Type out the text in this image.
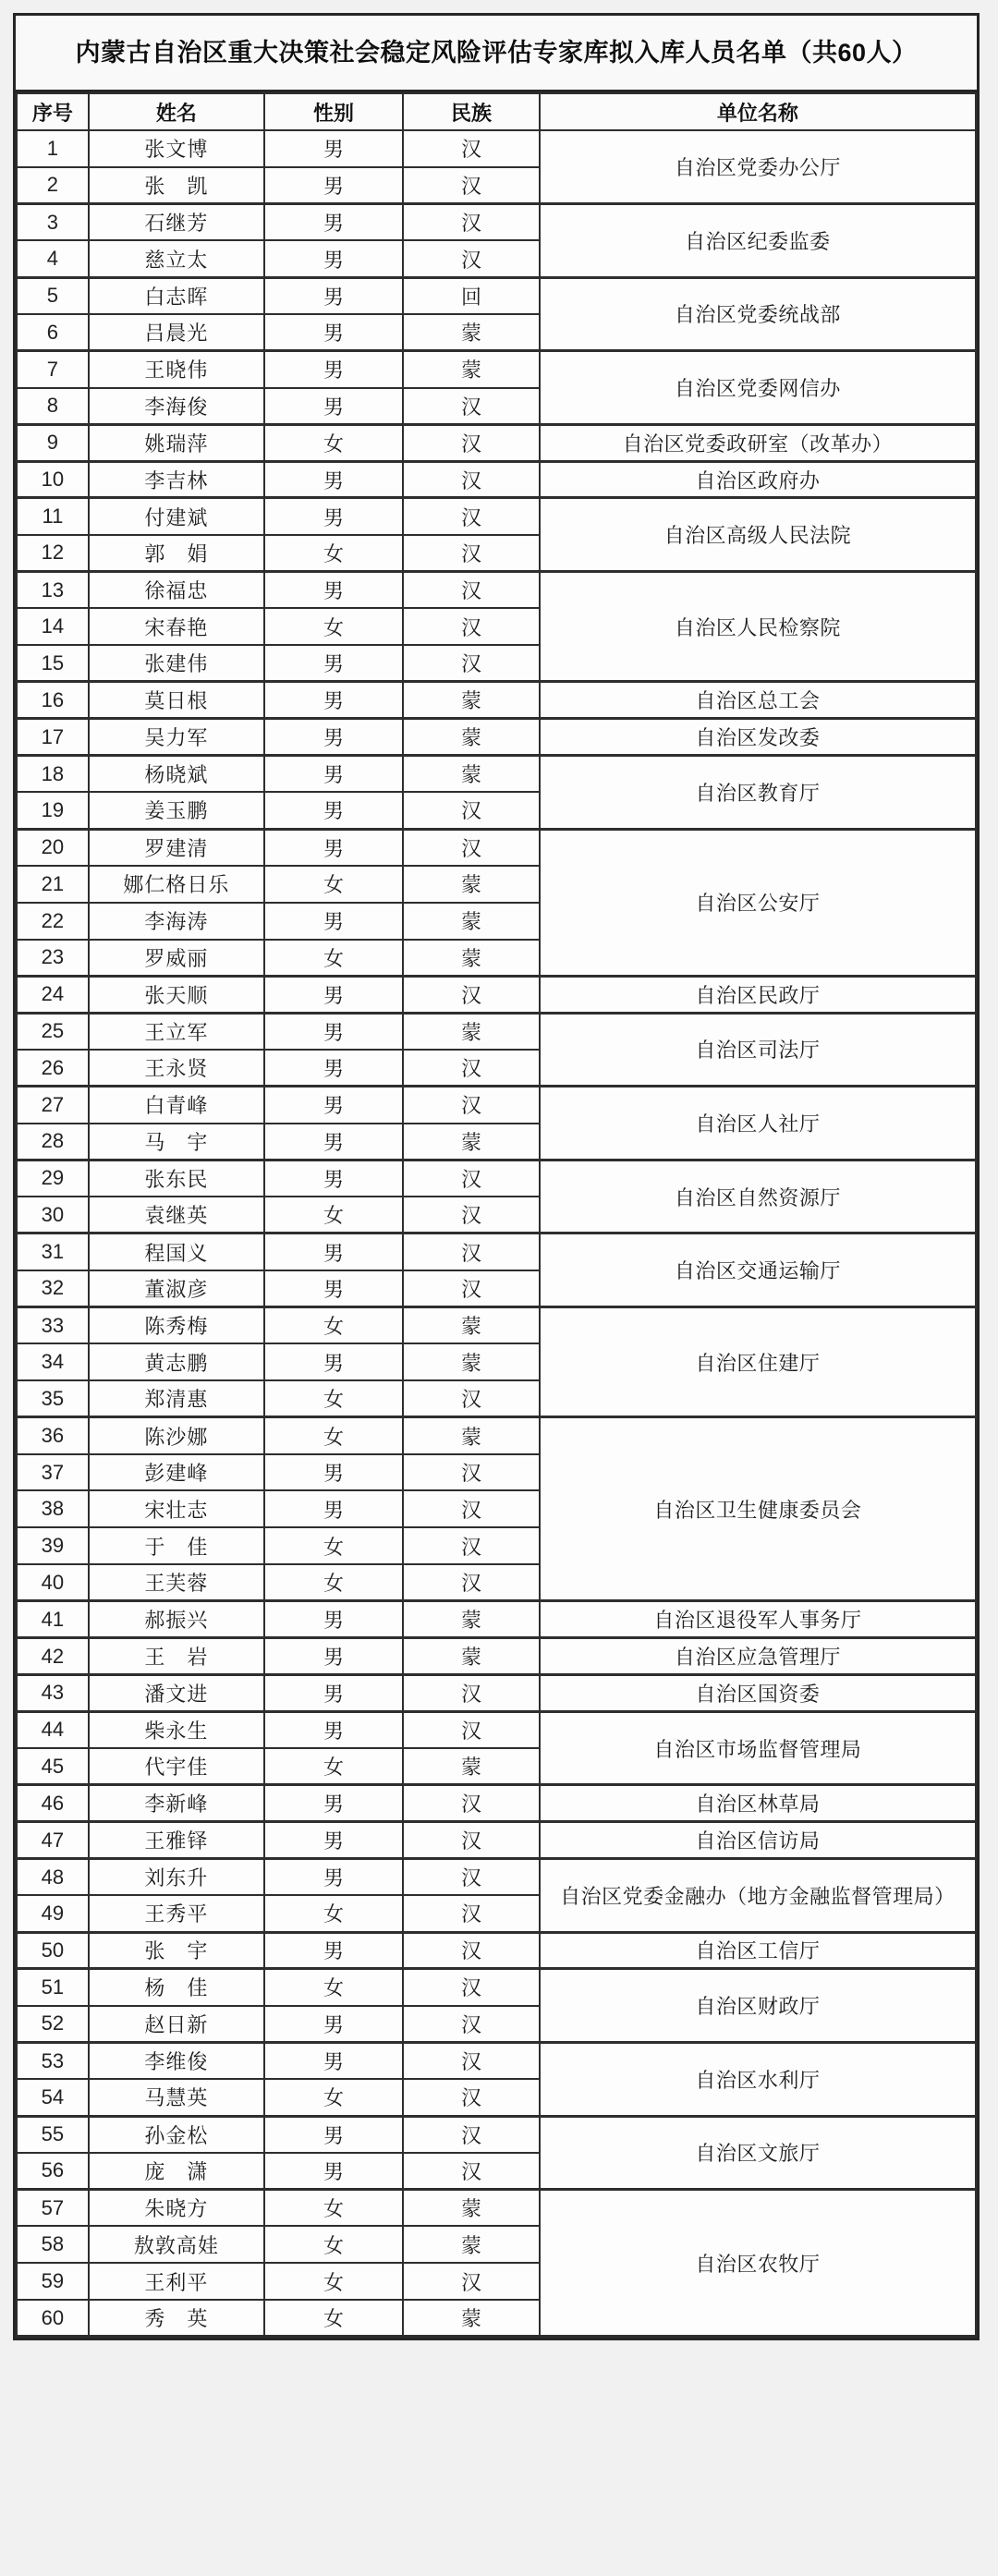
内蒙古自治区重大决策社会稳定风险评估专家库拟入库人员名单（共60人）
序号	姓名	性别	民族	单位名称
1	张文博	男	汉	自治区党委办公厅
2	张　凯	男	汉	
3	石继芳	男	汉	自治区纪委监委
4	慈立太	男	汉	
5	白志晖	男	回	自治区党委统战部
6	吕晨光	男	蒙	
7	王晓伟	男	蒙	自治区党委网信办
8	李海俊	男	汉	
9	姚瑞萍	女	汉	自治区党委政研室（改革办）
10	李吉林	男	汉	自治区政府办
11	付建斌	男	汉	自治区高级人民法院
12	郭　娟	女	汉	
13	徐福忠	男	汉	自治区人民检察院
14	宋春艳	女	汉	
15	张建伟	男	汉	
16	莫日根	男	蒙	自治区总工会
17	吴力军	男	蒙	自治区发改委
18	杨晓斌	男	蒙	自治区教育厅
19	姜玉鹏	男	汉	
20	罗建清	男	汉	自治区公安厅
21	娜仁格日乐	女	蒙	
22	李海涛	男	蒙	
23	罗威丽	女	蒙	
24	张天顺	男	汉	自治区民政厅
25	王立军	男	蒙	自治区司法厅
26	王永贤	男	汉	
27	白青峰	男	汉	自治区人社厅
28	马　宇	男	蒙	
29	张东民	男	汉	自治区自然资源厅
30	袁继英	女	汉	
31	程国义	男	汉	自治区交通运输厅
32	董淑彦	男	汉	
33	陈秀梅	女	蒙	自治区住建厅
34	黄志鹏	男	蒙	
35	郑清惠	女	汉	
36	陈沙娜	女	蒙	自治区卫生健康委员会
37	彭建峰	男	汉	
38	宋壮志	男	汉	
39	于　佳	女	汉	
40	王芙蓉	女	汉	
41	郝振兴	男	蒙	自治区退役军人事务厅
42	王　岩	男	蒙	自治区应急管理厅
43	潘文进	男	汉	自治区国资委
44	柴永生	男	汉	自治区市场监督管理局
45	代宇佳	女	蒙	
46	李新峰	男	汉	自治区林草局
47	王雅铎	男	汉	自治区信访局
48	刘东升	男	汉	自治区党委金融办（地方金融监督管理局）
49	王秀平	女	汉	
50	张　宇	男	汉	自治区工信厅
51	杨　佳	女	汉	自治区财政厅
52	赵日新	男	汉	
53	李维俊	男	汉	自治区水利厅
54	马慧英	女	汉	
55	孙金松	男	汉	自治区文旅厅
56	庞　潇	男	汉	
57	朱晓方	女	蒙	自治区农牧厅
58	敖敦高娃	女	蒙	
59	王利平	女	汉	
60	秀　英	女	蒙	
